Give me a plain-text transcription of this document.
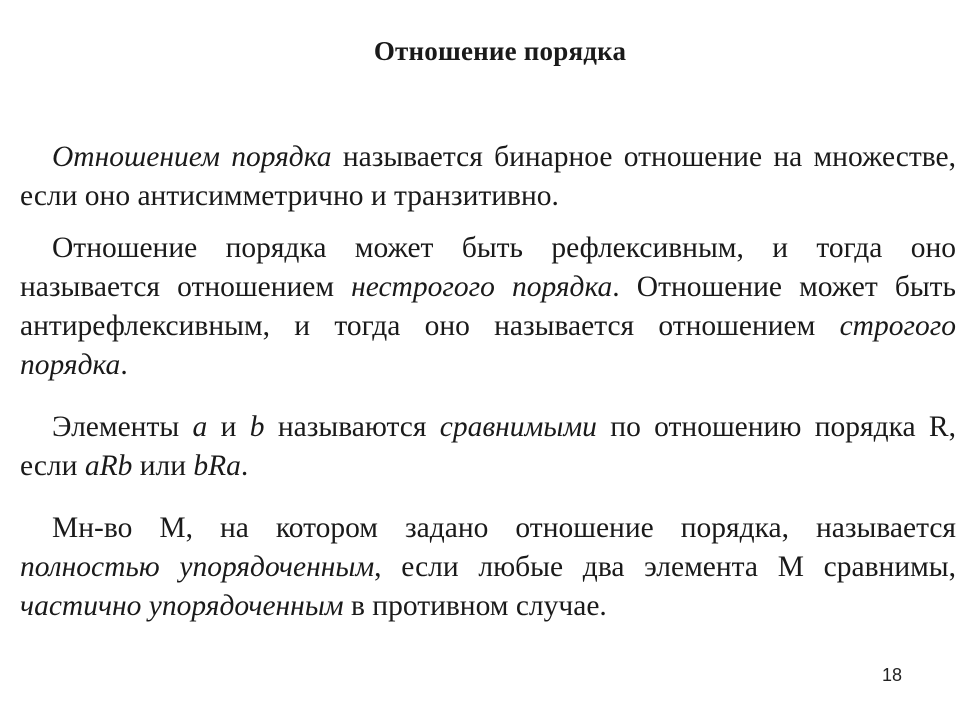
Отношение порядка

Отношением порядка называется бинарное отношение на множестве, если оно антисимметрично и транзитивно.

Отношение порядка может быть рефлексивным, и тогда оно называется отношением нестрогого порядка. Отношение может быть антирефлексивным, и тогда оно называется отношением строгого порядка.

Элементы a и b называются сравнимыми по отношению порядка R, если aRb или bRa.

Мн-во М, на котором задано отношение порядка, называется полностью упорядоченным, если любые два элемента М сравнимы, частично упорядоченным в противном случае.

18
